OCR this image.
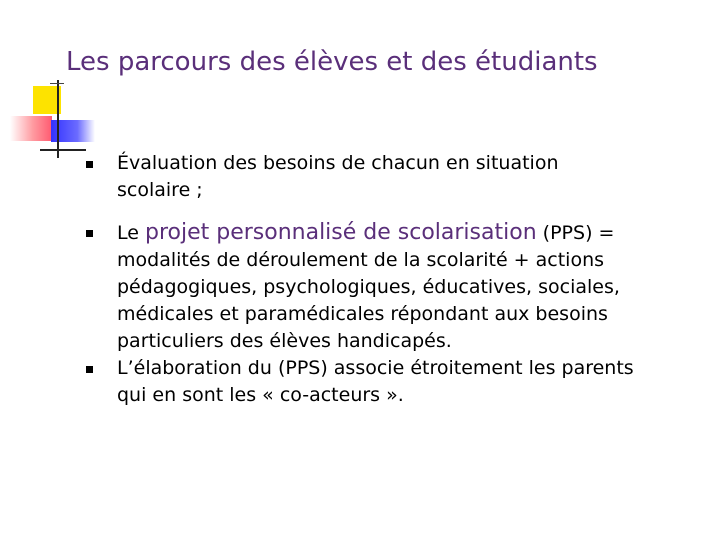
Les parcours des élèves et des étudiants
Évaluation des besoins de chacun en situation
scolaire ;
Le projet personnalisé de scolarisation (PPS) =
modalités de déroulement de la scolarité + actions
pédagogiques, psychologiques, éducatives, sociales,
médicales et paramédicales répondant aux besoins
particuliers des élèves handicapés.
L’élaboration du (PPS) associe étroitement les parents
qui en sont les « co-acteurs ».
